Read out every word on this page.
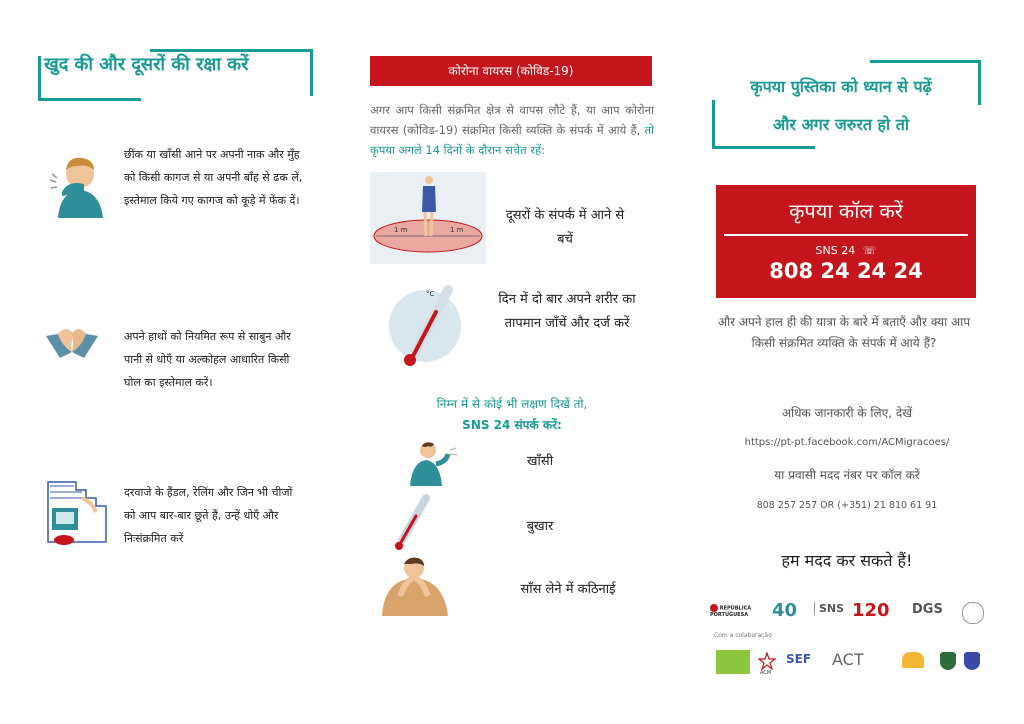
खुद की और दूसरों की रक्षा करें
छींक या खाँसी आने पर अपनी नाक और मुँह को किसी कागज से या अपनी बाँह से ढक लें, इस्तेमाल किये गए कागज को कूड़े में फेंक दें।
अपने हाथों को नियमित रूप से साबुन और पानी से धोएँ या अल्कोहल आधारित किसी घोल का इस्तेमाल करें।
दरवाजे के हैंडल, रेलिंग और जिन भी चीजों को आप बार-बार छूते हैं, उन्हें धोएँ और निःसंक्रमित करें
कोरोना वायरस (कोविड-19)
अगर आप किसी संक्रमित क्षेत्र से वापस लौटे हैं, या आप कोरोना वायरस (कोविड-19) संक्रमित किसी व्यक्ति के संपर्क में आये हैं, तो कृपया अगले 14 दिनों के दौरान सचेत रहें:
1 m	1 m
दूसरों के संपर्क में आने से बचें
°C	दिन में दो बार अपने शरीर का तापमान जाँचें और दर्ज करें
निम्न में से कोई भी लक्षण दिखें तो,
SNS 24 संपर्क करें:
खाँसी
बुखार
साँस लेने में कठिनाई
कृपया पुस्तिका को ध्यान से पढ़ें
और अगर जरुरत हो तो
कृपया कॉल करें
SNS 24 ☏
808 24 24 24
और अपने हाल ही की यात्रा के बारे में बताएँ और क्या आप किसी संक्रमित व्यक्ति के संपर्क में आये हैं?
अधिक जानकारी के लिए, देखें
https://pt-pt.facebook.com/ACMigracoes/
या प्रवासी मदद नंबर पर कॉल करें
808 257 257 OR (+351) 21 810 61 91
हम मदद कर सकते हैं!
REPÚBLICA PORTUGUESA	40	SNS 120 DGS
Com a colaboração
ACM
SEF ACT
